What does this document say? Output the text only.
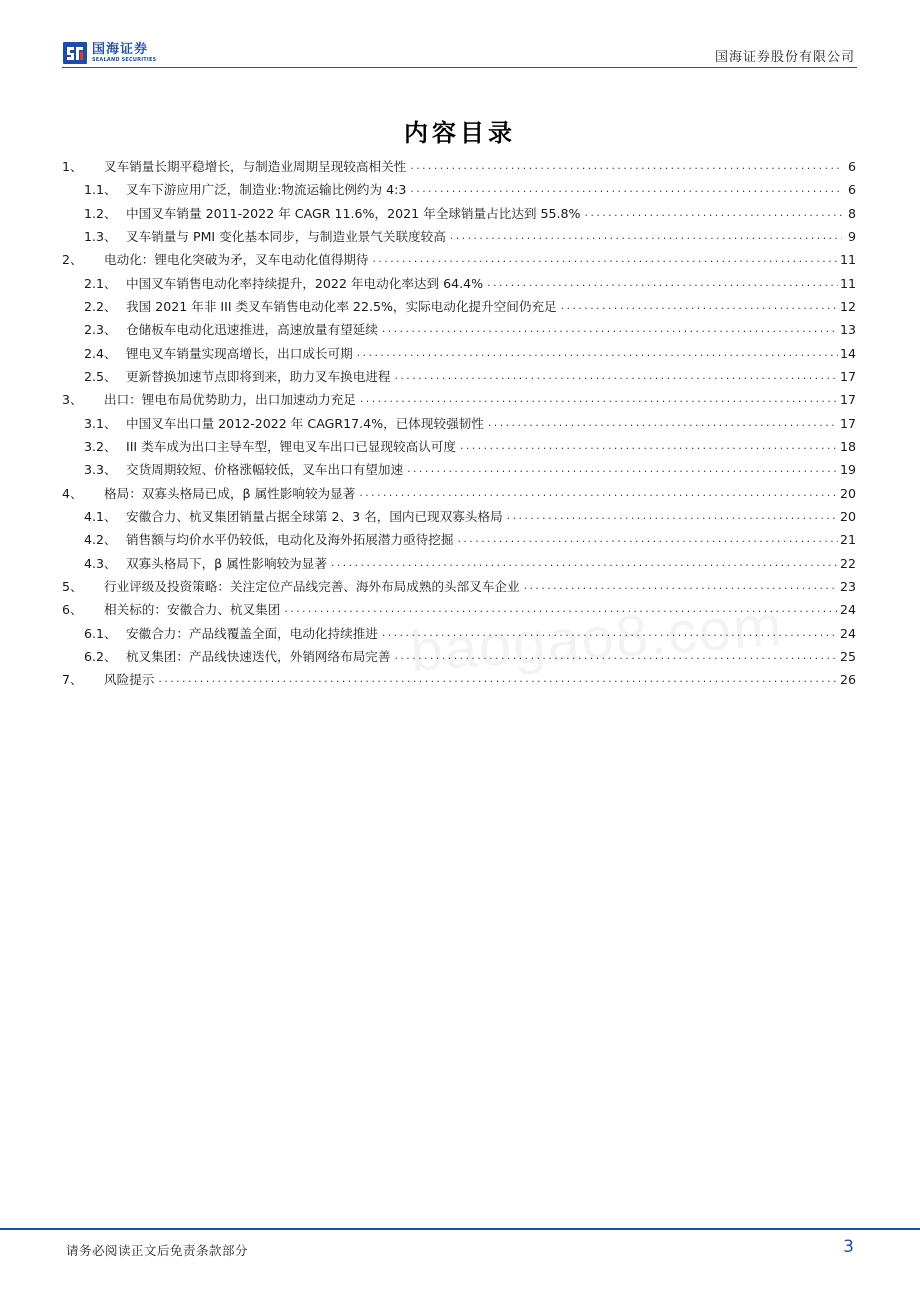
国海证券
SEALAND SECURITIES	国海证券股份有限公司
内容目录
1、	叉车销量长期平稳增长，与制造业周期呈现较高相关性 .....	6
1.1、 叉车下游应用广泛，制造业:物流运输比例约为 4:3 .....	6
1.2、 中国叉车销量 2011-2022 年 CAGR 11.6%，2021 年全球销量占比达到 55.8% .....	8
1.3、 叉车销量与 PMI 变化基本同步，与制造业景气关联度较高 .....	9
2、	电动化：锂电化突破为矛，叉车电动化值得期待 .....	11
2.1、 中国叉车销售电动化率持续提升，2022 年电动化率达到 64.4% .....	11
2.2、 我国 2021 年非 III 类叉车销售电动化率 22.5%，实际电动化提升空间仍充足 .....	12
2.3、 仓储板车电动化迅速推进，高速放量有望延续 .....	13
2.4、 锂电叉车销量实现高增长，出口成长可期 .....	14
2.5、 更新替换加速节点即将到来，助力叉车换电进程 .....	17
3、	出口：锂电布局优势助力，出口加速动力充足 .....	17
3.1、 中国叉车出口量 2012-2022 年 CAGR17.4%，已体现较强韧性 .....	17
3.2、 III 类车成为出口主导车型，锂电叉车出口已显现较高认可度 .....	18
3.3、 交货周期较短、价格涨幅较低，叉车出口有望加速 .....	19
4、	格局：双寡头格局已成，β 属性影响较为显著 .....	20
4.1、 安徽合力、杭叉集团销量占据全球第 2、3 名，国内已现双寡头格局 .....	20
4.2、 销售额与均价水平仍较低，电动化及海外拓展潜力亟待挖掘 .....	21
4.3、 双寡头格局下，β 属性影响较为显著 .....	22
5、	行业评级及投资策略：关注定位产品线完善、海外布局成熟的头部叉车企业 .....	23
6、	相关标的：安徽合力、杭叉集团 .....	24
6.1、 安徽合力：产品线覆盖全面，电动化持续推进 .....	24
6.2、 杭叉集团：产品线快速迭代，外销网络布局完善 .....	25
7、	风险提示 .....	26
请务必阅读正文后免责条款部分	3
